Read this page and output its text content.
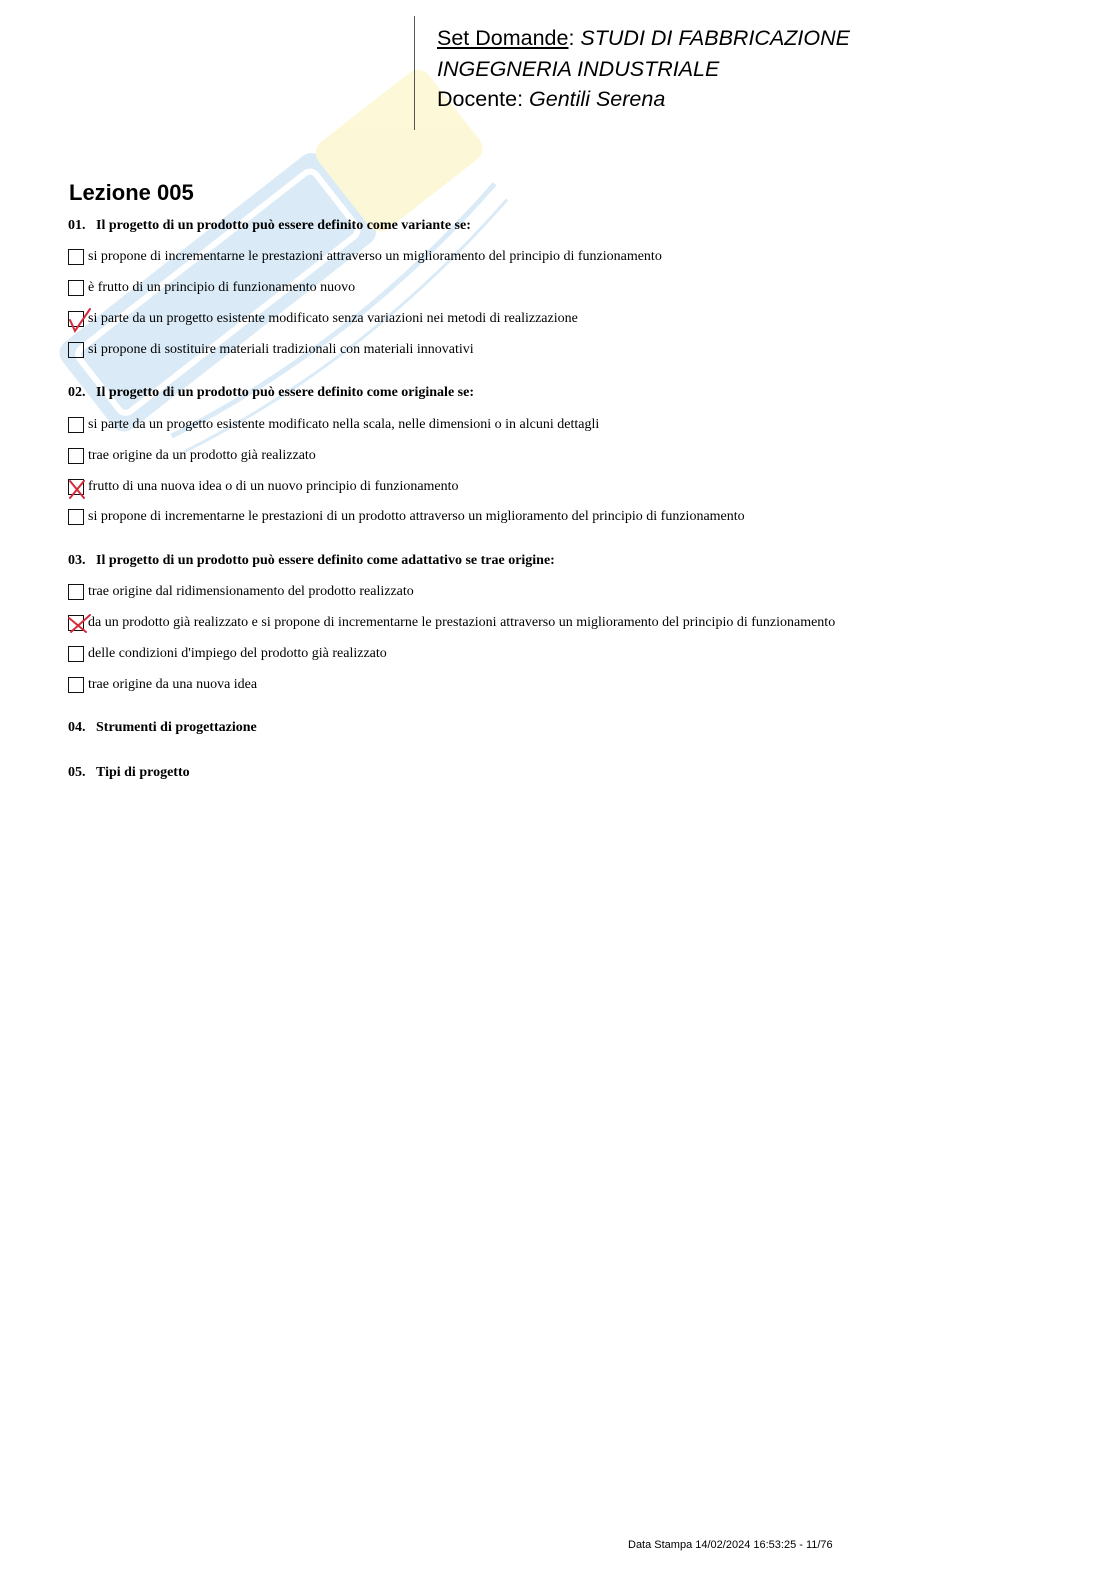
Set Domande: STUDI DI FABBRICAZIONE
INGEGNERIA INDUSTRIALE
Docente: Gentili Serena
Lezione 005
01. Il progetto di un prodotto può essere definito come variante se:
si propone di incrementarne le prestazioni attraverso un miglioramento del principio di funzionamento
è frutto di un principio di funzionamento nuovo
si parte da un progetto esistente modificato senza variazioni nei metodi di realizzazione
si propone di sostituire materiali tradizionali con materiali innovativi
02. Il progetto di un prodotto può essere definito come originale se:
si parte da un progetto esistente modificato nella scala, nelle dimensioni o in alcuni dettagli
trae origine da un prodotto già realizzato
frutto di una nuova idea o di un nuovo principio di funzionamento
si propone di incrementarne le prestazioni di un prodotto attraverso un miglioramento del principio di funzionamento
03. Il progetto di un prodotto può essere definito come adattativo se trae origine:
trae origine dal ridimensionamento del prodotto realizzato
da un prodotto già realizzato e si propone di incrementarne le prestazioni attraverso un miglioramento del principio di funzionamento
delle condizioni d'impiego del prodotto già realizzato
trae origine da una nuova idea
04. Strumenti di progettazione
05. Tipi di progetto
Data Stampa 14/02/2024 16:53:25 - 11/76
